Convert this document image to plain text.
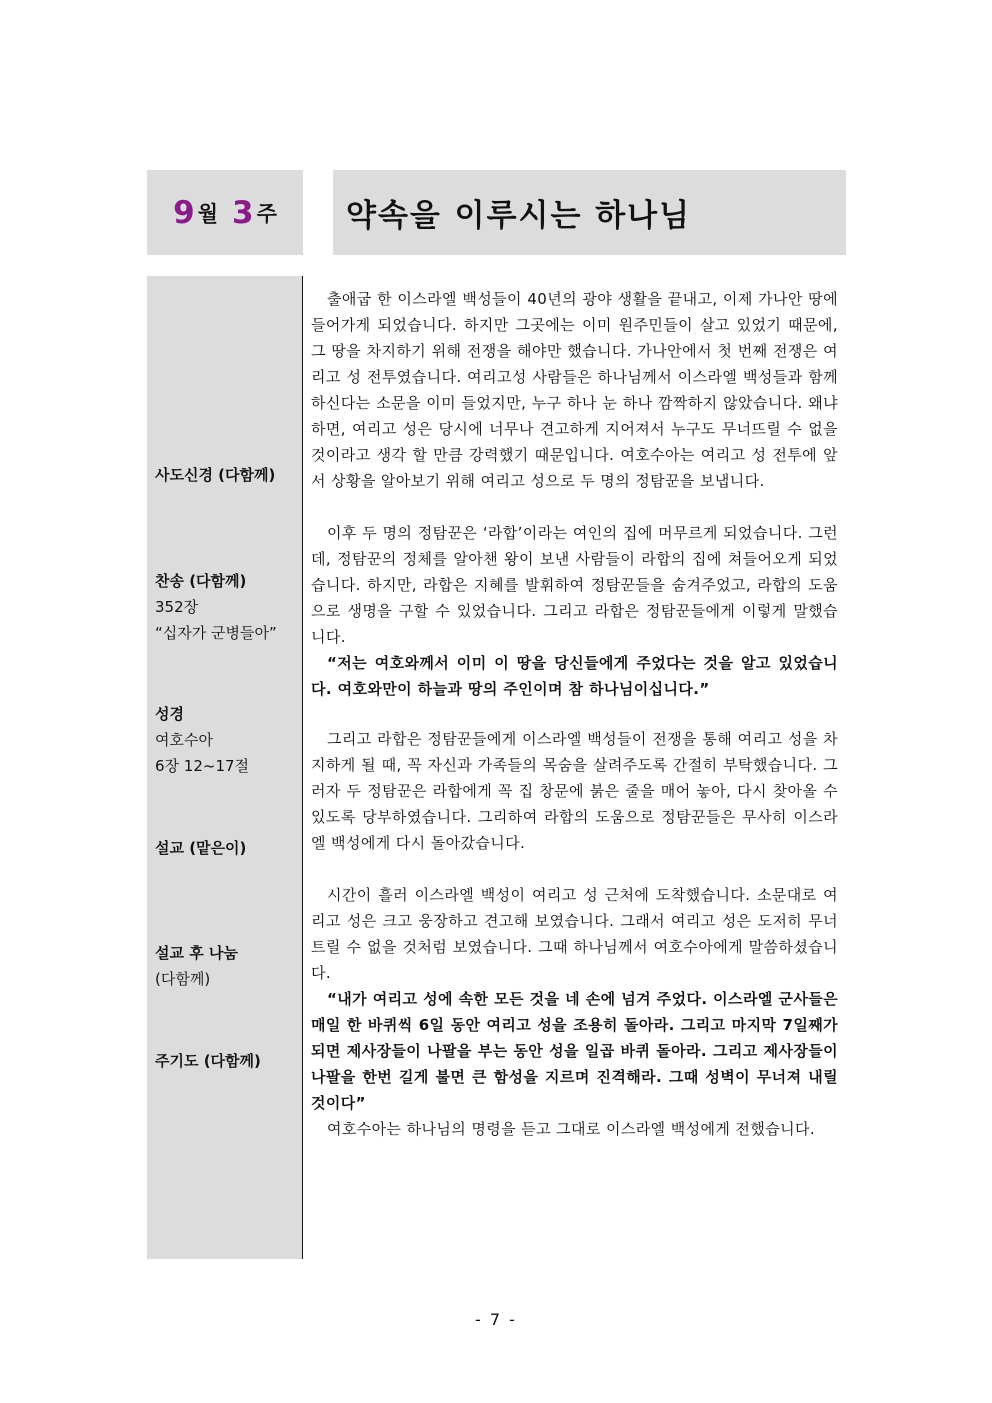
9 월 3 주 약속을 이루시는 하나님
사도신경 (다함께)
찬송 (다함께)
352장
“십자가 군병들아”
성경
여호수아
6장 12~17절
설교 (맡은이)
설교 후 나눔
(다함께)
주기도 (다함께)

출애굽 한 이스라엘 백성들이 40년의 광야 생활을 끝내고, 이제 가나안 땅에 들어가게 되었습니다. 하지만 그곳에는 이미 원주민들이 살고 있었기 때문에, 그 땅을 차지하기 위해 전쟁을 해야만 했습니다. 가나안에서 첫 번째 전쟁은 여리고 성 전투였습니다. 여리고성 사람들은 하나님께서 이스라엘 백성들과 함께하신다는 소문을 이미 들었지만, 누구 하나 눈 하나 깜짝하지 않았습니다. 왜냐하면, 여리고 성은 당시에 너무나 견고하게 지어져서 누구도 무너뜨릴 수 없을 것이라고 생각 할 만큼 강력했기 때문입니다. 여호수아는 여리고 성 전투에 앞서 상황을 알아보기 위해 여리고 성으로 두 명의 정탐꾼을 보냅니다.

이후 두 명의 정탐꾼은 ‘라합’이라는 여인의 집에 머무르게 되었습니다. 그런데, 정탐꾼의 정체를 알아챈 왕이 보낸 사람들이 라합의 집에 쳐들어오게 되었습니다. 하지만, 라합은 지혜를 발휘하여 정탐꾼들을 숨겨주었고, 라합의 도움으로 생명을 구할 수 있었습니다. 그리고 라합은 정탐꾼들에게 이렇게 말했습니다.

“저는 여호와께서 이미 이 땅을 당신들에게 주었다는 것을 알고 있었습니다. 여호와만이 하늘과 땅의 주인이며 참 하나님이십니다.”

그리고 라합은 정탐꾼들에게 이스라엘 백성들이 전쟁을 통해 여리고 성을 차지하게 될 때, 꼭 자신과 가족들의 목숨을 살려주도록 간절히 부탁했습니다. 그러자 두 정탐꾼은 라합에게 꼭 집 창문에 붉은 줄을 매어 놓아, 다시 찾아올 수 있도록 당부하였습니다. 그리하여 라합의 도움으로 정탐꾼들은 무사히 이스라엘 백성에게 다시 돌아갔습니다.

시간이 흘러 이스라엘 백성이 여리고 성 근처에 도착했습니다. 소문대로 여리고 성은 크고 웅장하고 견고해 보였습니다. 그래서 여리고 성은 도저히 무너트릴 수 없을 것처럼 보였습니다. 그때 하나님께서 여호수아에게 말씀하셨습니다.

“내가 여리고 성에 속한 모든 것을 네 손에 넘겨 주었다. 이스라엘 군사들은 매일 한 바퀴씩 6일 동안 여리고 성을 조용히 돌아라. 그리고 마지막 7일째가 되면 제사장들이 나팔을 부는 동안 성을 일곱 바퀴 돌아라. 그리고 제사장들이 나팔을 한번 길게 불면 큰 함성을 지르며 진격해라. 그때 성벽이 무너져 내릴 것이다”

여호수아는 하나님의 명령을 듣고 그대로 이스라엘 백성에게 전했습니다.

- 7 -
